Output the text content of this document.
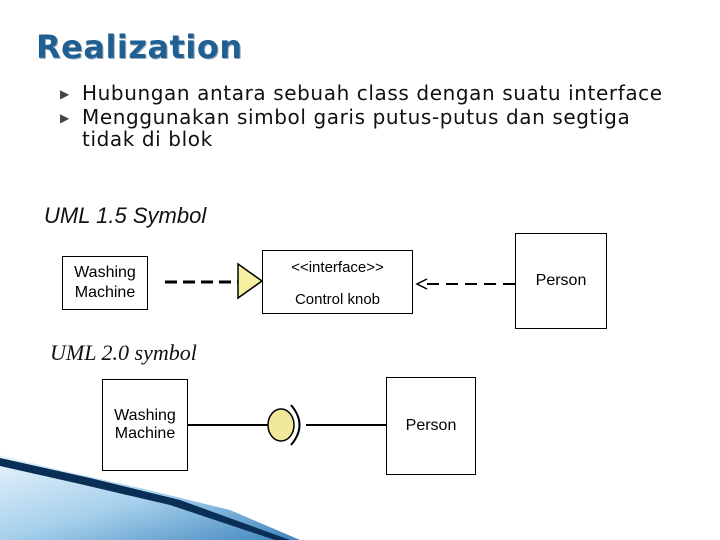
Realization
▶ Hubungan antara sebuah class dengan suatu interface
▶ Menggunakan simbol garis putus-putus dan segtiga tidak di blok
UML 1.5 Symbol
Washing Machine
<<interface>>
Control knob
Person
UML 2.0 symbol
Washing Machine	Person
